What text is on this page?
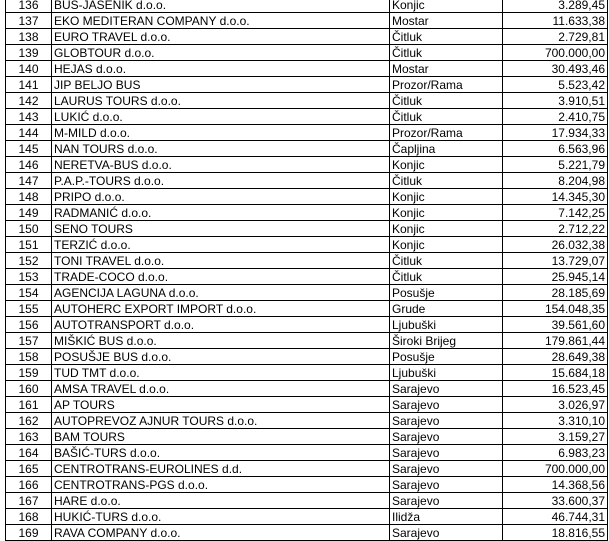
136	BUS-JASENIK d.o.o.	Konjic	3.289,45
137	EKO MEDITERAN COMPANY d.o.o.	Mostar	11.633,38
138	EURO TRAVEL d.o.o.	Čitluk	2.729,81
139	GLOBTOUR d.o.o.	Čitluk	700.000,00
140	HEJAS d.o.o.	Mostar	30.493,46
141	JIP BELJO BUS	Prozor/Rama	5.523,42
142	LAURUS TOURS d.o.o.	Čitluk	3.910,51
143	LUKIĆ d.o.o.	Čitluk	2.410,75
144	M-MILD d.o.o.	Prozor/Rama	17.934,33
145	NAN TOURS d.o.o.	Čapljina	6.563,96
146	NERETVA-BUS d.o.o.	Konjic	5.221,79
147	P.A.P.-TOURS d.o.o.	Čitluk	8.204,98
148	PRIPO d.o.o.	Konjic	14.345,30
149	RADMANIĆ d.o.o.	Konjic	7.142,25
150	SENO TOURS	Konjic	2.712,22
151	TERZIĆ d.o.o.	Konjic	26.032,38
152	TONI TRAVEL d.o.o.	Čitluk	13.729,07
153	TRADE-COCO d.o.o.	Čitluk	25.945,14
154	AGENCIJA LAGUNA d.o.o.	Posušje	28.185,69
155	AUTOHERC EXPORT IMPORT d.o.o.	Grude	154.048,35
156	AUTOTRANSPORT d.o.o.	Ljubuški	39.561,60
157	MIŠKIĆ BUS d.o.o.	Široki Brijeg	179.861,44
158	POSUŠJE BUS d.o.o.	Posušje	28.649,38
159	TUD TMT d.o.o.	Ljubuški	15.684,18
160	AMSA TRAVEL d.o.o.	Sarajevo	16.523,45
161	AP TOURS	Sarajevo	3.026,97
162	AUTOPREVOZ AJNUR TOURS d.o.o.	Sarajevo	3.310,10
163	BAM TOURS	Sarajevo	3.159,27
164	BAŠIĆ-TURS d.o.o.	Sarajevo	6.983,23
165	CENTROTRANS-EUROLINES d.d.	Sarajevo	700.000,00
166	CENTROTRANS-PGS d.o.o.	Sarajevo	14.368,56
167	HARE d.o.o.	Sarajevo	33.600,37
168	HUKIĆ-TURS d.o.o.	Ilidža	46.744,31
169	RAVA COMPANY d.o.o.	Sarajevo	18.816,55
